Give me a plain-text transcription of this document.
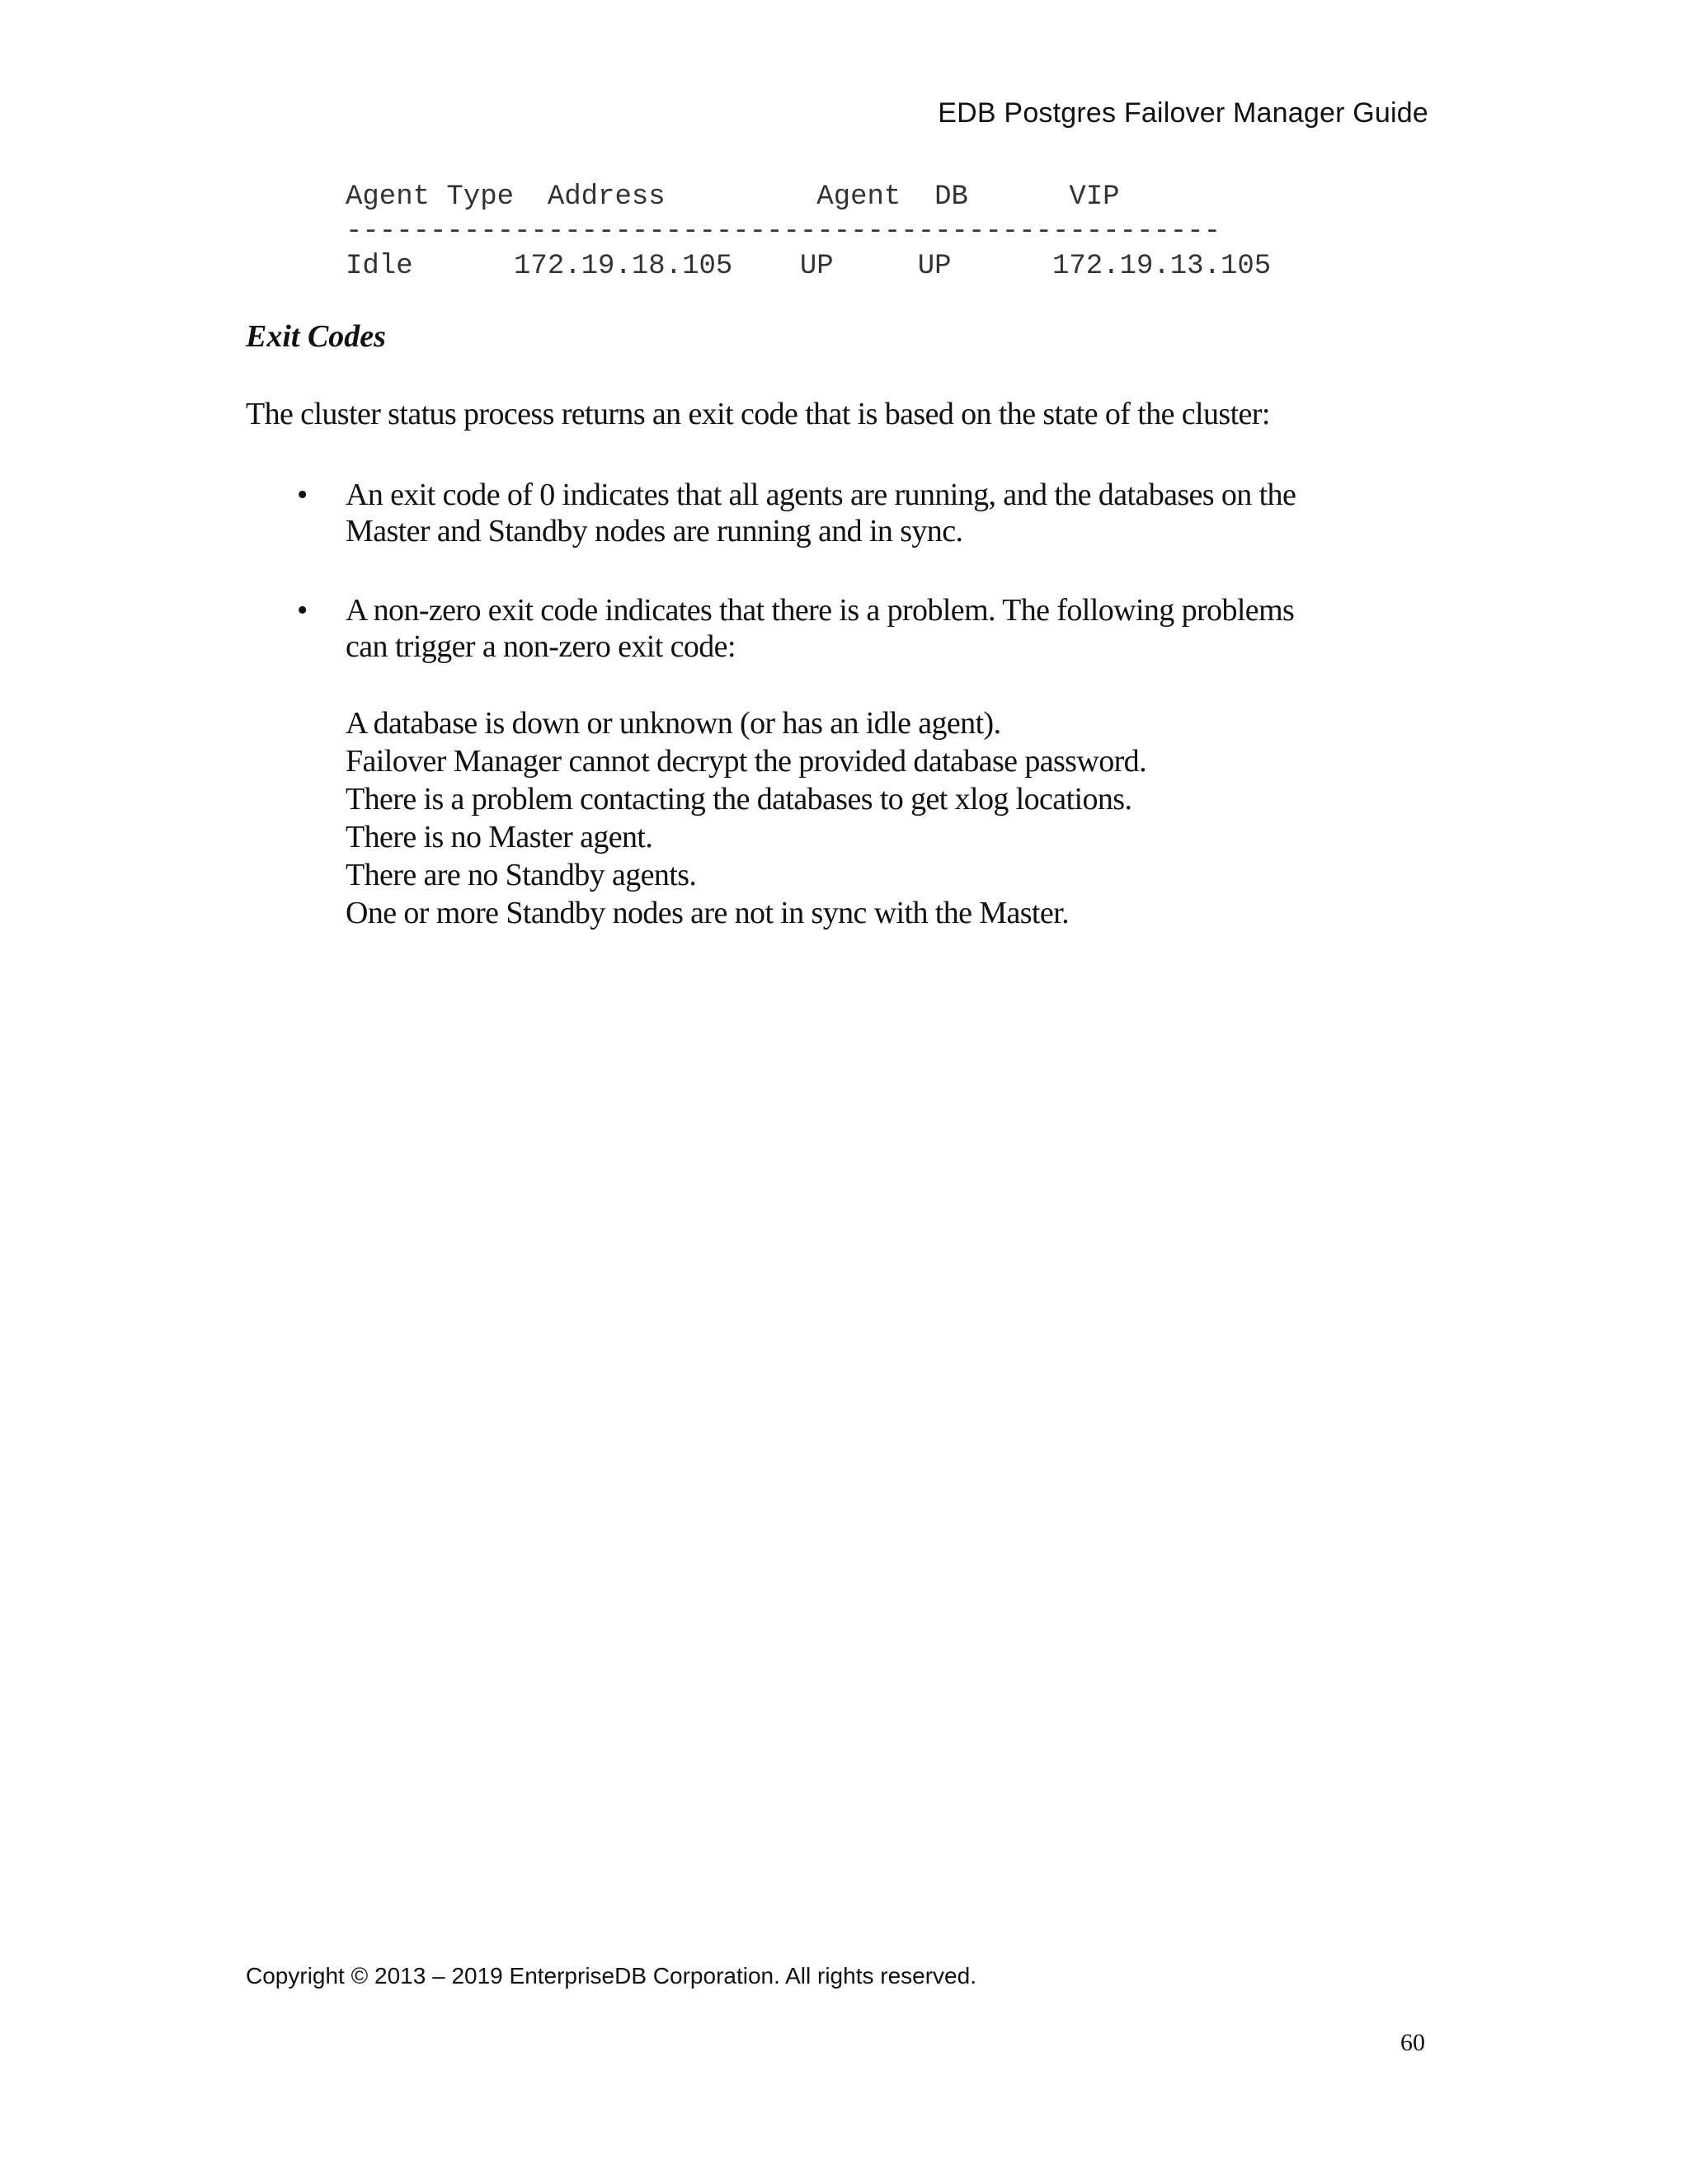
EDB Postgres Failover Manager Guide
Agent Type  Address         Agent  DB      VIP
----------------------------------------------------
Idle      172.19.18.105    UP     UP      172.19.13.105
Exit Codes

The cluster status process returns an exit code that is based on the state of the cluster:

•	An exit code of 0 indicates that all agents are running, and the databases on the
Master and Standby nodes are running and in sync.
•	A non-zero exit code indicates that there is a problem. The following problems
can trigger a non-zero exit code:
A database is down or unknown (or has an idle agent).
Failover Manager cannot decrypt the provided database password.
There is a problem contacting the databases to get xlog locations.
There is no Master agent.
There are no Standby agents.
One or more Standby nodes are not in sync with the Master.
Copyright © 2013 – 2019 EnterpriseDB Corporation. All rights reserved.
60
